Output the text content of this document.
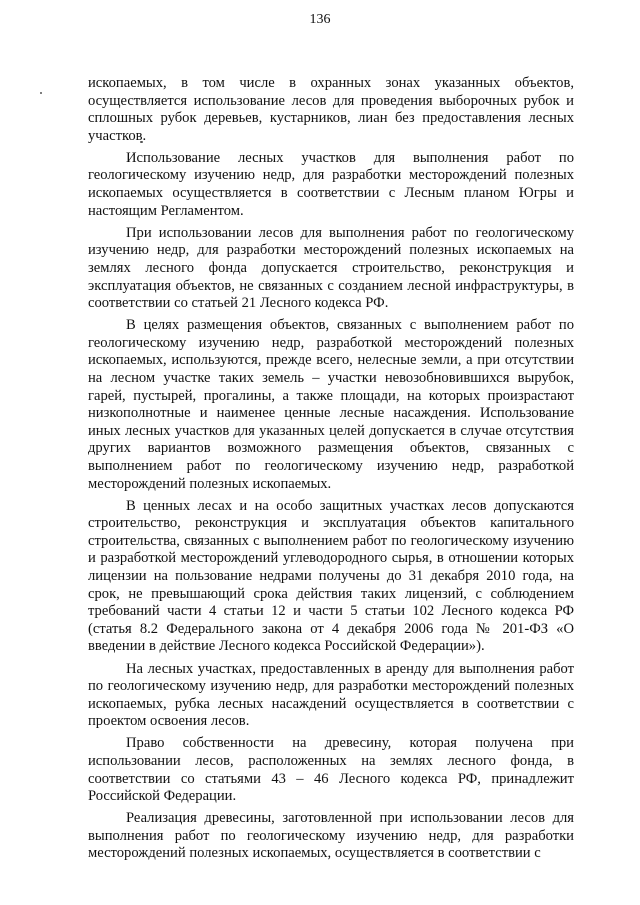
136

ископаемых, в том числе в охранных зонах указанных объектов, осуществляется использование лесов для проведения выборочных рубок и сплошных рубок деревьев, кустарников, лиан без предоставления лесных участков.

Использование лесных участков для выполнения работ по геологическому изучению недр, для разработки месторождений полезных ископаемых осуществляется в соответствии с Лесным планом Югры и настоящим Регламентом.

При использовании лесов для выполнения работ по геологическому изучению недр, для разработки месторождений полезных ископаемых на землях лесного фонда допускается строительство, реконструкция и эксплуатация объектов, не связанных с созданием лесной инфраструктуры, в соответствии со статьей 21 Лесного кодекса РФ.

В целях размещения объектов, связанных с выполнением работ по геологическому изучению недр, разработкой месторождений полезных ископаемых, используются, прежде всего, нелесные земли, а при отсутствии на лесном участке таких земель – участки невозобновившихся вырубок, гарей, пустырей, прогалины, а также площади, на которых произрастают низкополнотные и наименее ценные лесные насаждения. Использование иных лесных участков для указанных целей допускается в случае отсутствия других вариантов возможного размещения объектов, связанных с выполнением работ по геологическому изучению недр, разработкой месторождений полезных ископаемых.

В ценных лесах и на особо защитных участках лесов допускаются строительство, реконструкция и эксплуатация объектов капитального строительства, связанных с выполнением работ по геологическому изучению и разработкой месторождений углеводородного сырья, в отношении которых лицензии на пользование недрами получены до 31 декабря 2010 года, на срок, не превышающий срока действия таких лицензий, с соблюдением требований части 4 статьи 12 и части 5 статьи 102 Лесного кодекса РФ (статья 8.2 Федерального закона от 4 декабря 2006 года № 201-ФЗ «О введении в действие Лесного кодекса Российской Федерации»).

На лесных участках, предоставленных в аренду для выполнения работ по геологическому изучению недр, для разработки месторождений полезных ископаемых, рубка лесных насаждений осуществляется в соответствии с проектом освоения лесов.

Право собственности на древесину, которая получена при использовании лесов, расположенных на землях лесного фонда, в соответствии со статьями 43 – 46 Лесного кодекса РФ, принадлежит Российской Федерации.

Реализация древесины, заготовленной при использовании лесов для выполнения работ по геологическому изучению недр, для разработки месторождений полезных ископаемых, осуществляется в соответствии с
